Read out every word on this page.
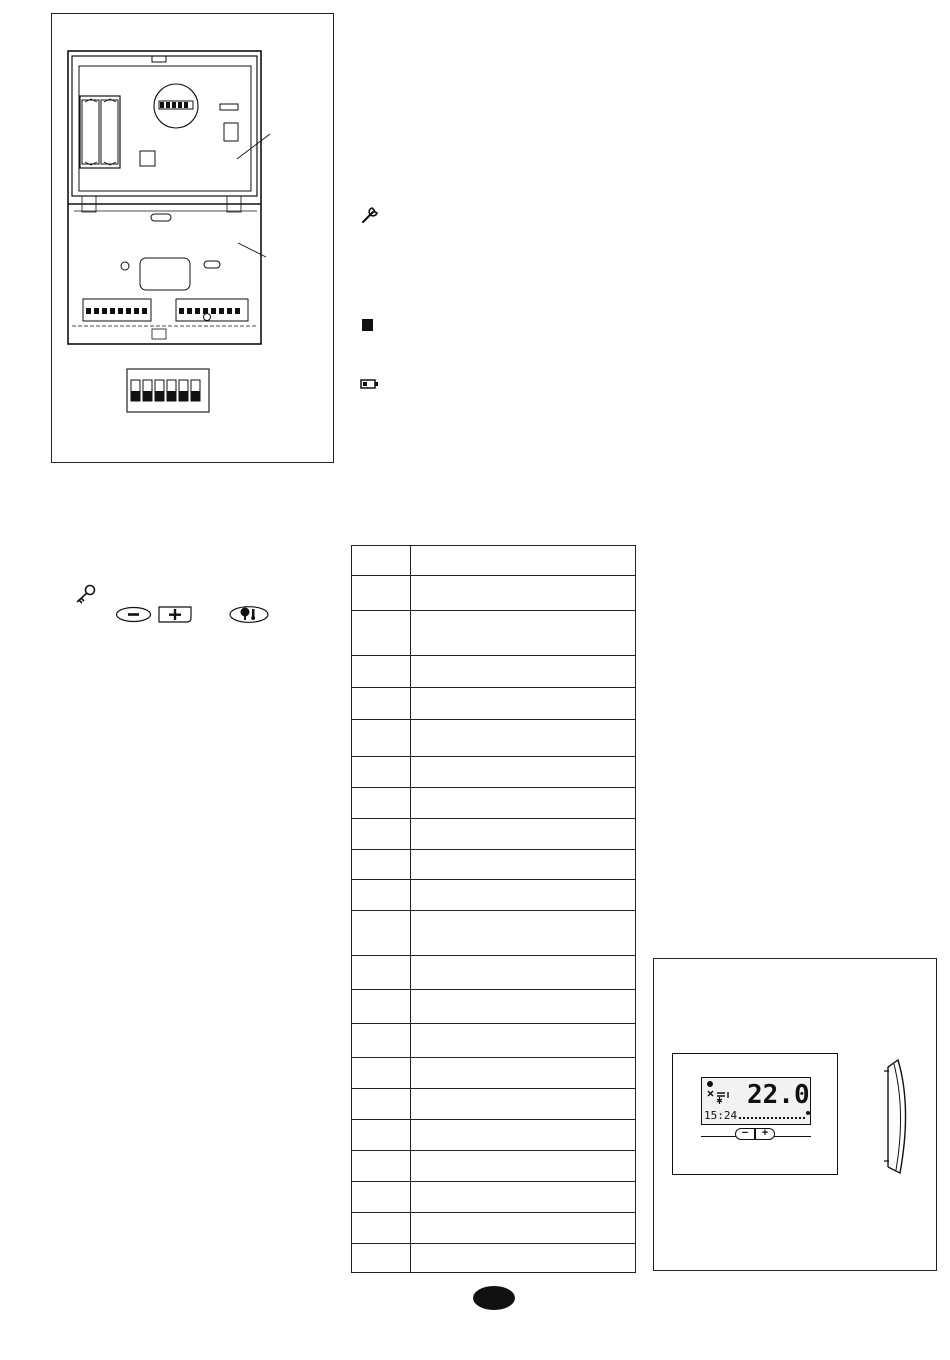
22.0
15:24
−	+
